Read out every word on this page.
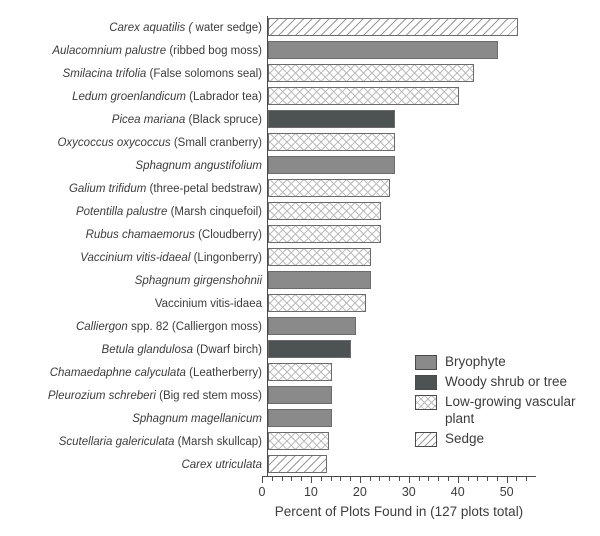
Carex aquatilis ( water sedge)
Aulacomnium palustre (ribbed bog moss)
Smilacina trifolia (False solomons seal)
Ledum groenlandicum (Labrador tea)
Picea mariana (Black spruce)
Oxycoccus oxycoccus (Small cranberry)
Sphagnum angustifolium
Galium trifidum (three-petal bedstraw)
Potentilla palustre (Marsh cinquefoil)
Rubus chamaemorus (Cloudberry)
Vaccinium vitis-idaeal (Lingonberry)
Sphagnum girgenshohnii
Vaccinium vitis-idaea
Calliergon spp. 82 (Calliergon moss)
Betula glandulosa (Dwarf birch)
Chamaedaphne calyculata (Leatherberry)
Pleurozium schreberi (Big red stem moss)
Sphagnum magellanicum
Scutellaria galericulata (Marsh skullcap)
Carex utriculata
0	10	20	30	40	50
Percent of Plots Found in (127 plots total)
Bryophyte
Woody shrub or tree
Low-growing vascular plant
Sedge
